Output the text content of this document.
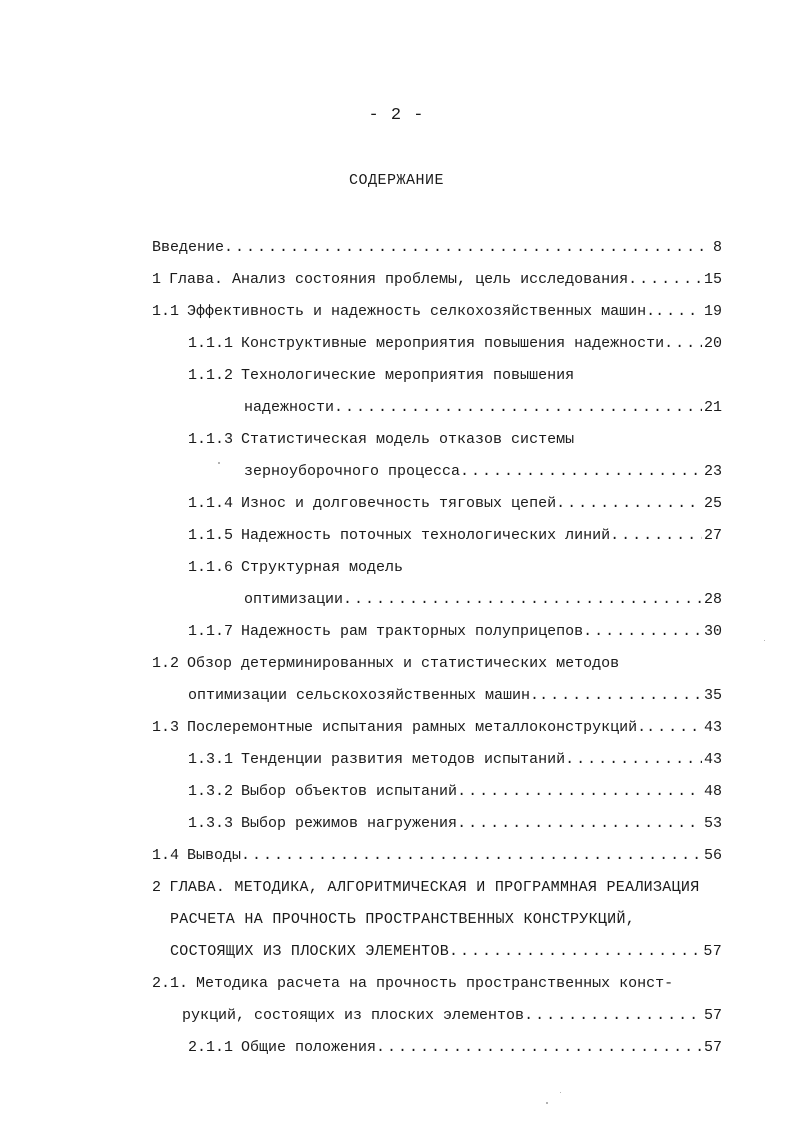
- 2 -
СОДЕРЖАНИЕ
Введение .....	8
1 Глава. Анализ состояния проблемы, цель исследования .....	15
1.1 Эффективность и надежность селкохозяйственных машин. .....	19
1.1.1 Конструктивные мероприятия повышения надежности .....	20
1.1.2 Технологические мероприятия повышения
надежности .....	21
1.1.3 Статистическая модель отказов системы
зерноуборочного процесса .....	23
1.1.4 Износ и долговечность тяговых цепей .....	25
1.1.5 Надежность поточных технологических линий .....	27
1.1.6 Структурная модель
оптимизации .....	28
1.1.7 Надежность рам тракторных полуприцепов .....	30
1.2 Обзор детерминированных и статистических методов
оптимизации сельскохозяйственных машин. .....	35
1.3 Послеремонтные испытания рамных металлоконструкций. .....	43
1.3.1 Тенденции развития методов испытаний .....	43
1.3.2 Выбор объектов испытаний .....	48
1.3.3 Выбор режимов нагружения .....	53
1.4 Выводы .....	56
2 ГЛАВА. МЕТОДИКА, АЛГОРИТМИЧЕСКАЯ И ПРОГРАММНАЯ РЕАЛИЗАЦИЯ
РАСЧЕТА НА ПРОЧНОСТЬ ПРОСТРАНСТВЕННЫХ КОНСТРУКЦИЙ,
СОСТОЯЩИХ ИЗ ПЛОСКИХ ЭЛЕМЕНТОВ .....	57
2.1. Методика расчета на прочность пространственных конст-
рукций, состоящих из плоских элементов .....	57
2.1.1 Общие положения .....	57
